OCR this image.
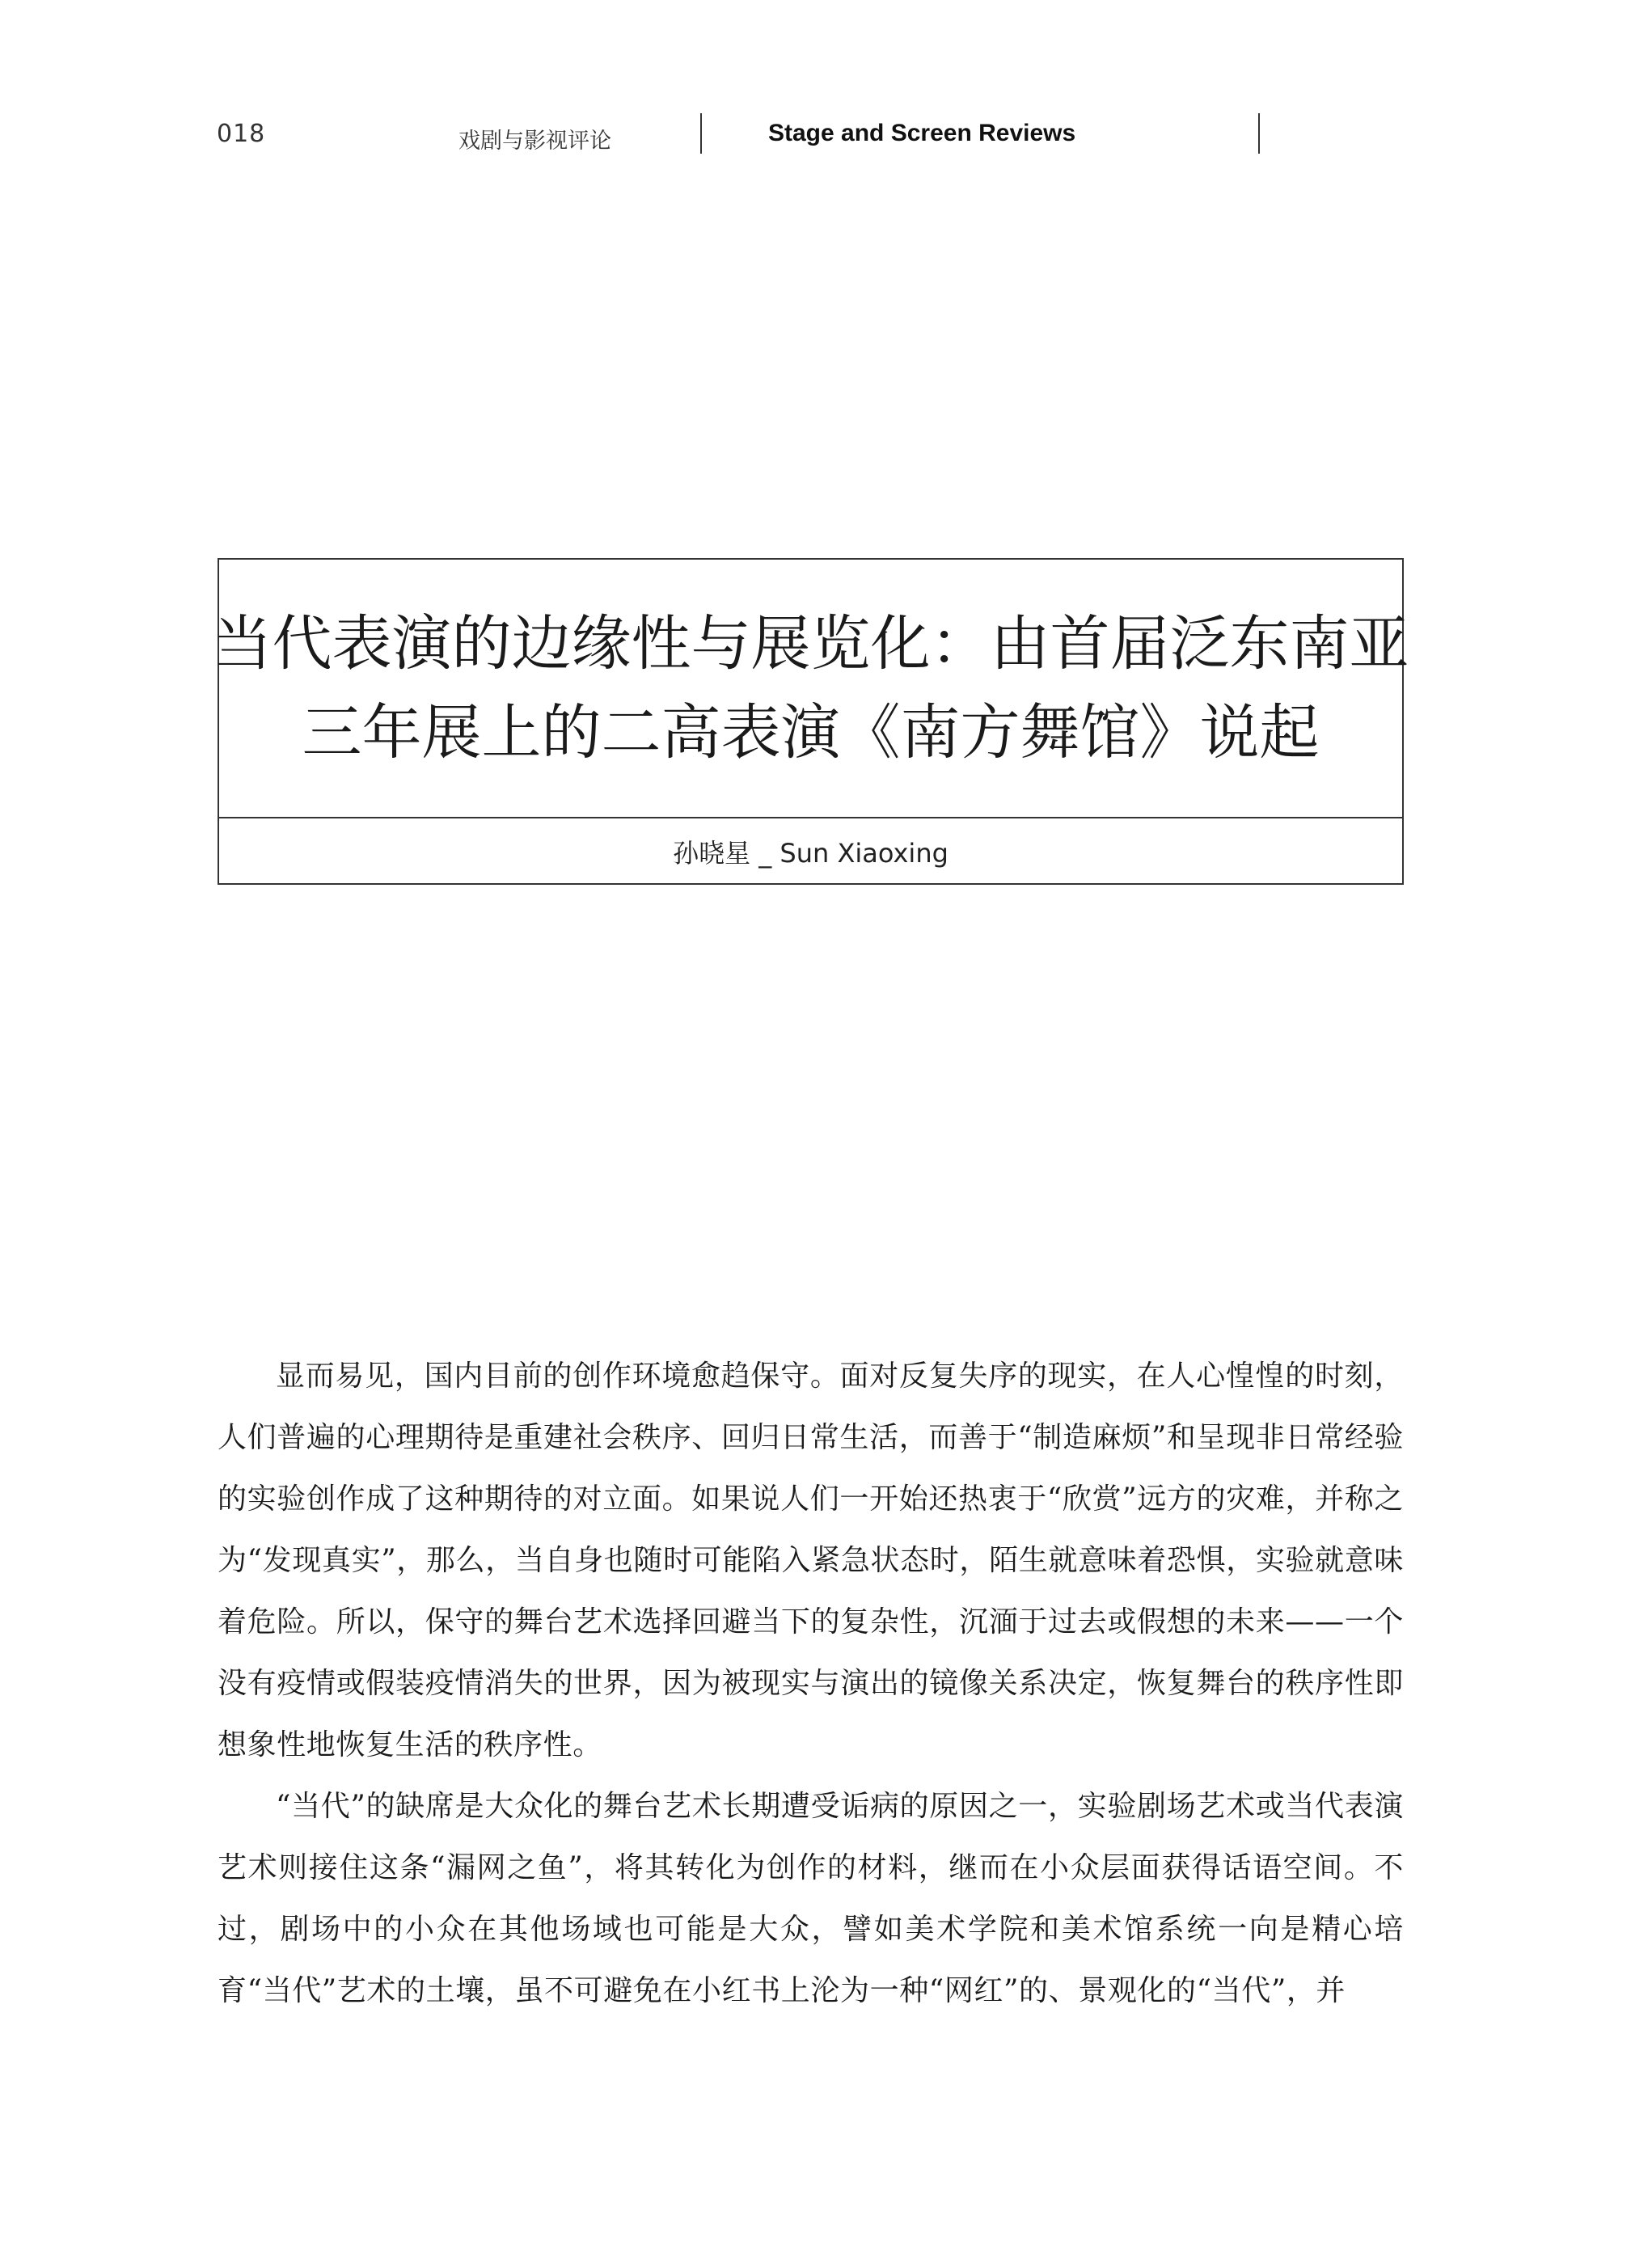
018	戏剧与影视评论	Stage and Screen Reviews
当代表演的边缘性与展览化：由首届泛东南亚
三年展上的二高表演《南方舞馆》说起
孙晓星 _ Sun Xiaoxing

显而易见，国内目前的创作环境愈趋保守。面对反复失序的现实，在人心惶惶的时刻，人们普遍的心理期待是重建社会秩序、回归日常生活，而善于“制造麻烦”和呈现非日常经验的实验创作成了这种期待的对立面。如果说人们一开始还热衷于“欣赏”远方的灾难，并称之为“发现真实”，那么，当自身也随时可能陷入紧急状态时，陌生就意味着恐惧，实验就意味着危险。所以，保守的舞台艺术选择回避当下的复杂性，沉湎于过去或假想的未来——一个没有疫情或假装疫情消失的世界，因为被现实与演出的镜像关系决定，恢复舞台的秩序性即想象性地恢复生活的秩序性。

“当代”的缺席是大众化的舞台艺术长期遭受诟病的原因之一，实验剧场艺术或当代表演艺术则接住这条“漏网之鱼”，将其转化为创作的材料，继而在小众层面获得话语空间。不过，剧场中的小众在其他场域也可能是大众，譬如美术学院和美术馆系统一向是精心培育“当代”艺术的土壤，虽不可避免在小红书上沦为一种“网红”的、景观化的“当代”，并
